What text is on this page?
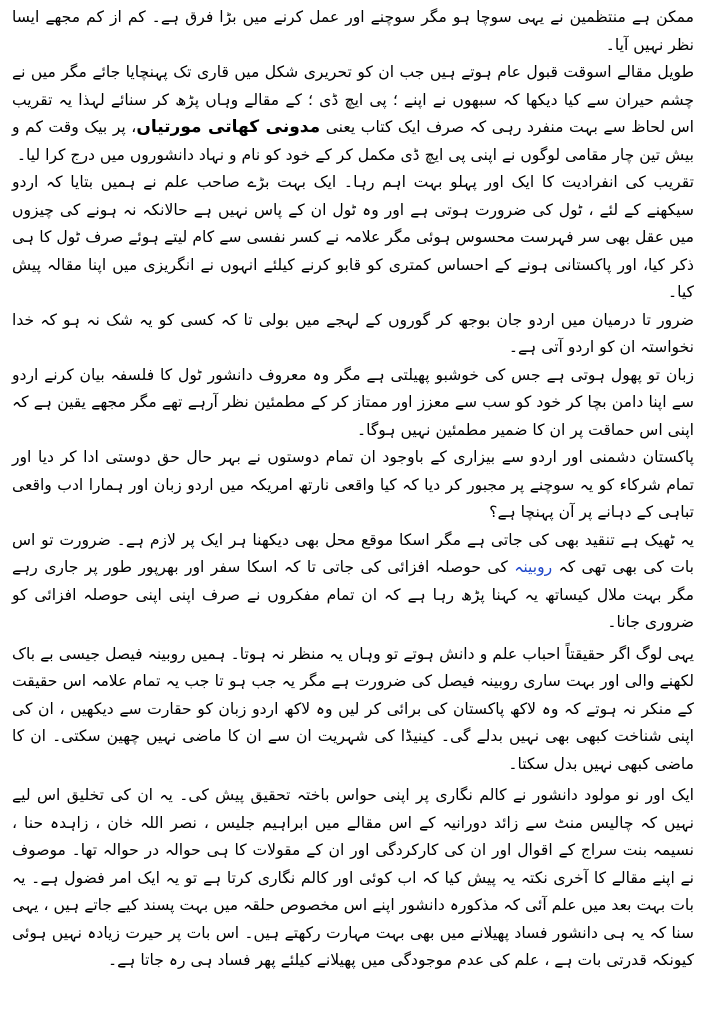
ممکن ہے منتظمین نے یہی سوچا ہو مگر سوچنے اور عمل کرنے میں بڑا فرق ہے۔ کم از کم مجھے ایسا نظر نہیں آیا۔

طویل مقالے اسوقت قبول عام ہوتے ہیں جب ان کو تحریری شکل میں قاری تک پہنچایا جائے مگر میں نے چشم حیران سے کیا دیکھا کہ سبھوں نے اپنے ؛ پی ایچ ڈی ؛ کے مقالے وہاں پڑھ کر سنائے لہذا یہ تقریب اس لحاظ سے بہت منفرد رہی کہ صرف ایک کتاب یعنی مدونی کھاتی مورتیاں، پر بیک وقت کم و بیش تین چار مقامی لوگوں نے اپنی پی ایچ ڈی مکمل کر کے خود کو نام و نہاد دانشوروں میں درج کرا لیا۔

تقریب کی انفرادیت کا ایک اور پہلو بہت اہم رہا۔ ایک بہت بڑے صاحب علم نے ہمیں بتایا کہ اردو سیکھنے کے لئے ، ٹول کی ضرورت ہوتی ہے اور وہ ٹول ان کے پاس نہیں ہے حالانکہ نہ ہونے کی چیزوں میں عقل بھی سر فہرست محسوس ہوئی مگر علامہ نے کسر نفسی سے کام لیتے ہوئے صرف ٹول کا ہی ذکر کیا، اور پاکستانی ہونے کے احساس کمتری کو قابو کرنے کیلئے انہوں نے انگریزی میں اپنا مقالہ پیش کیا۔

ضرور تا درمیان میں اردو جان بوجھ کر گوروں کے لہجے میں بولی تا کہ کسی کو یہ شک نہ ہو کہ خدا نخواستہ ان کو اردو آتی ہے۔

زبان تو پھول ہوتی ہے جس کی خوشبو پھیلتی ہے مگر وہ معروف دانشور ٹول کا فلسفہ بیان کرنے اردو سے اپنا دامن بچا کر خود کو سب سے معزز اور ممتاز کر کے مطمئین نظر آرہے تھے مگر مجھے یقین ہے کہ اپنی اس حماقت پر ان کا ضمیر مطمئین نہیں ہوگا۔

پاکستان دشمنی اور اردو سے بیزاری کے باوجود ان تمام دوستوں نے بہر حال حق دوستی ادا کر دیا اور تمام شرکاء کو یہ سوچنے پر مجبور کر دیا کہ کیا واقعی نارتھ امریکہ میں اردو زبان اور ہمارا ادب واقعی تباہی کے دہانے پر آن پہنچا ہے؟

یہ ٹھیک ہے تنقید بھی کی جاتی ہے مگر اسکا موقع محل بھی دیکھنا ہر ایک پر لازم ہے۔ ضرورت تو اس بات کی بھی تھی کہ روبینہ کی حوصلہ افزائی کی جاتی تا کہ اسکا سفر اور بھرپور طور پر جاری رہے مگر بہت ملال کیساتھ یہ کہنا پڑھ رہا ہے کہ ان تمام مفکروں نے صرف اپنی اپنی حوصلہ افزائی کو ضروری جانا۔

یہی لوگ اگر حقیقتاً احباب علم و دانش ہوتے تو وہاں یہ منظر نہ ہوتا۔ ہمیں روبینہ فیصل جیسی بے باک لکھنے والی اور بہت ساری روبینہ فیصل کی ضرورت ہے مگر یہ جب ہو تا جب یہ تمام علامہ اس حقیقت کے منکر نہ ہوتے کہ وہ لاکھ پاکستان کی برائی کر لیں وہ لاکھ اردو زبان کو حقارت سے دیکھیں ، ان کی اپنی شناخت کبھی بھی نہیں بدلے گی۔ کینیڈا کی شہریت ان سے ان کا ماضی نہیں چھین سکتی۔ ان کا ماضی کبھی نہیں بدل سکتا۔

ایک اور نو مولود دانشور نے کالم نگاری پر اپنی حواس باختہ تحقیق پیش کی۔ یہ ان کی تخلیق اس لیے نہیں کہ چالیس منٹ سے زائد دورانیہ کے اس مقالے میں ابراہیم جلیس ، نصر اللہ خان ، زاہدہ حنا ، نسیمہ بنت سراج کے اقوال اور ان کی کارکردگی اور ان کے مقولات کا ہی حوالہ در حوالہ تھا۔ موصوف نے اپنے مقالے کا آخری نکتہ یہ پیش کیا کہ اب کوئی اور کالم نگاری کرتا ہے تو یہ ایک امر فضول ہے۔ یہ بات بہت بعد میں علم آئی کہ مذکورہ دانشور اپنے اس مخصوص حلقہ میں بہت پسند کیے جاتے ہیں ، یہی سنا کہ یہ ہی دانشور فساد پھیلانے میں بھی بہت مہارت رکھتے ہیں۔ اس بات پر حیرت زیادہ نہیں ہوئی کیونکہ قدرتی بات ہے ، علم کی عدم موجودگی میں پھیلانے کیلئے پھر فساد ہی رہ جاتا ہے۔
